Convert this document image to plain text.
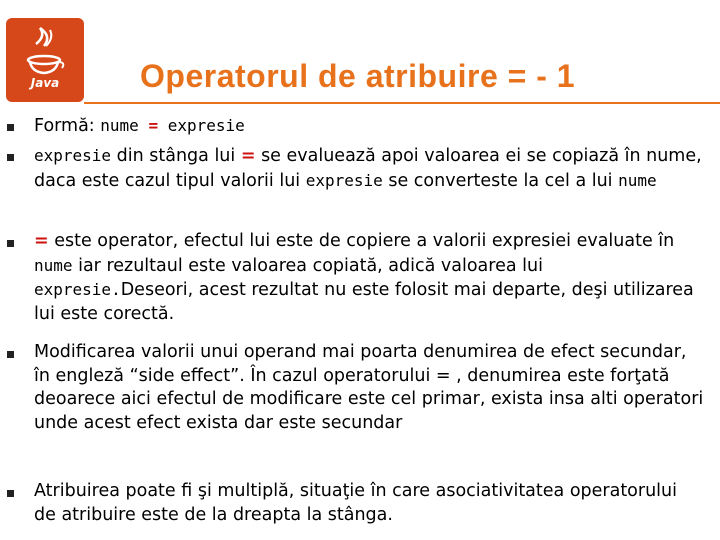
Java	Operatorul de atribuire = - 1
Formă: nume = expresie
expresie din stânga lui = se evaluează apoi valoarea ei se copiază în nume, daca este cazul tipul valorii lui expresie se converteste la cel a lui nume
= este operator, efectul lui este de copiere a valorii expresiei evaluate în nume iar rezultaul este valoarea copiată, adică valoarea lui expresie.Deseori, acest rezultat nu este folosit mai departe, deşi utilizarea lui este corectă.
Modificarea valorii unui operand mai poarta denumirea de efect secundar, în engleză “side effect”. În cazul operatorului = , denumirea este forţată deoarece aici efectul de modificare este cel primar, exista insa alti operatori unde acest efect exista dar este secundar
Atribuirea poate fi şi multiplă, situaţie în care asociativitatea operatorului de atribuire este de la dreapta la stânga.
